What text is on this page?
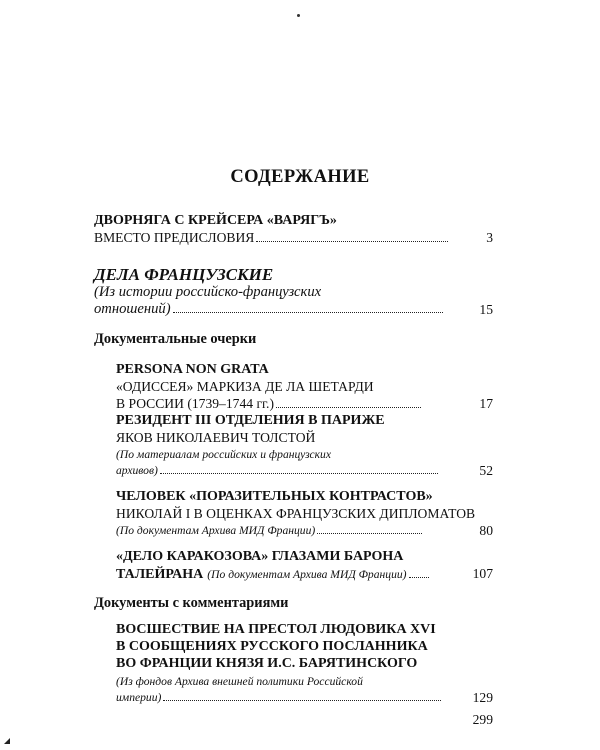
СОДЕРЖАНИЕ
ДВОРНЯГА С КРЕЙСЕРА «ВАРЯГЪ»
ВМЕСТО ПРЕДИСЛОВИЯ	3
ДЕЛА ФРАНЦУЗСКИЕ
(Из истории российско-французских
отношений)	15
Документальные очерки
PERSONA NON GRATA
«ОДИССЕЯ» МАРКИЗА ДЕ ЛА ШЕТАРДИ
В РОССИИ (1739–1744 гг.)	17
РЕЗИДЕНТ III ОТДЕЛЕНИЯ В ПАРИЖЕ
ЯКОВ НИКОЛАЕВИЧ ТОЛСТОЙ
(По материалам российских и французских
архивов)	52
ЧЕЛОВЕК «ПОРАЗИТЕЛЬНЫХ КОНТРАСТОВ»
НИКОЛАЙ I В ОЦЕНКАХ ФРАНЦУЗСКИХ ДИПЛОМАТОВ
(По документам Архива МИД Франции)	80
«ДЕЛО КАРАКОЗОВА» ГЛАЗАМИ БАРОНА
ТАЛЕЙРАНА (По документам Архива МИД Франции)	107
Документы с комментариями
ВОСШЕСТВИЕ НА ПРЕСТОЛ ЛЮДОВИКА XVI
В СООБЩЕНИЯХ РУССКОГО ПОСЛАННИКА
ВО ФРАНЦИИ КНЯЗЯ И.С. БАРЯТИНСКОГО
(Из фондов Архива внешней политики Российской
империи)	129
299
